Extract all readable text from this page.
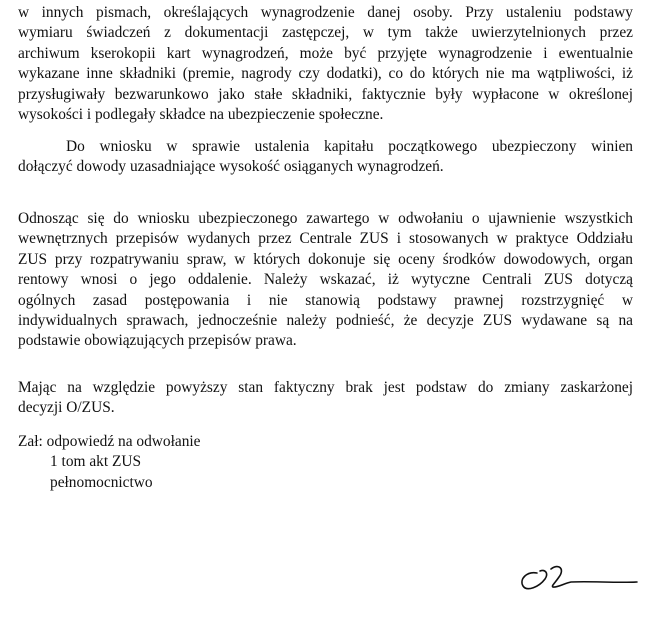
w innych pismach, określających wynagrodzenie danej osoby. Przy ustaleniu podstawy
wymiaru świadczeń z dokumentacji zastępczej, w tym także uwierzytelnionych przez
archiwum kserokopii kart wynagrodzeń, może być przyjęte wynagrodzenie i ewentualnie
wykazane inne składniki (premie, nagrody czy dodatki), co do których nie ma wątpliwości, iż
przysługiwały bezwarunkowo jako stałe składniki, faktycznie były wypłacone w określonej
wysokości i podlegały składce na ubezpieczenie społeczne.
Do wniosku w sprawie ustalenia kapitału początkowego ubezpieczony winien
dołączyć dowody uzasadniające wysokość osiąganych wynagrodzeń.
Odnosząc się do wniosku ubezpieczonego zawartego w odwołaniu o ujawnienie wszystkich
wewnętrznych przepisów wydanych przez Centrale ZUS i stosowanych w praktyce Oddziału
ZUS przy rozpatrywaniu spraw, w których dokonuje się oceny środków dowodowych, organ
rentowy wnosi o jego oddalenie. Należy wskazać, iż wytyczne Centrali ZUS dotyczą
ogólnych zasad postępowania i nie stanowią podstawy prawnej rozstrzygnięć w
indywidualnych sprawach, jednocześnie należy podnieść, że decyzje ZUS wydawane są na
podstawie obowiązujących przepisów prawa.
Mając na względzie powyższy stan faktyczny brak jest podstaw do zmiany zaskarżonej
decyzji O/ZUS.
Zał: odpowiedź na odwołanie
1 tom akt ZUS
pełnomocnictwo
